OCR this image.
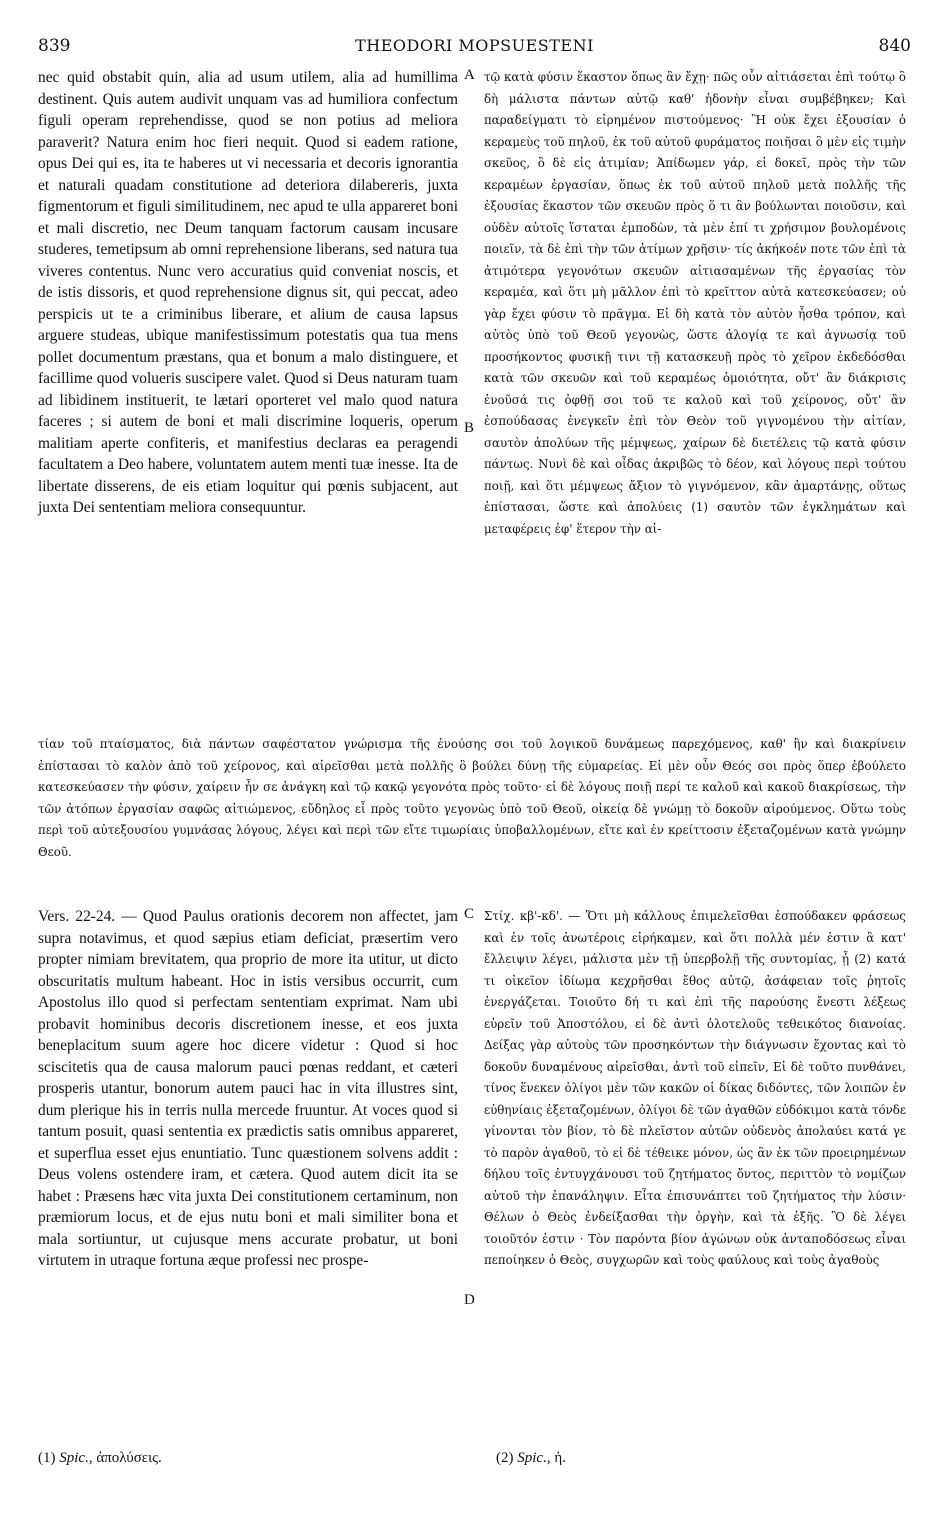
839	THEODORI MOPSUESTENI	840

nec quid obstabit quin, alia ad usum utilem, alia ad humillima destinent. Quis autem audivit unquam vas ad humiliora confectum figuli operam reprehendisse, quod se non potius ad meliora paraverit? Natura enim hoc fieri nequit. Quod si eadem ratione, opus Dei qui es, ita te haberes ut vi necessaria et decoris ignorantia et naturali quadam constitutione ad deteriora dilabereris, juxta figmentorum et figuli similitudinem, nec apud te ulla appareret boni et mali discretio, nec Deum tanquam factorum causam incusare studeres, temetipsum ab omni reprehensione liberans, sed natura tua viveres contentus. Nunc vero accuratius quid conveniat noscis, et de istis dissoris, et quod reprehensione dignus sit, qui peccat, adeo perspicis ut te a criminibus liberare, et alium de causa lapsus arguere studeas, ubique manifestissimum potestatis qua tua mens pollet documentum præstans, qua et bonum a malo distinguere, et facillime quod volueris suscipere valet. Quod si Deus naturam tuam ad libidinem instituerit, te lætari oporteret vel malo quod natura faceres ; si autem de boni et mali discrimine loqueris, operum malitiam aperte confiteris, et manifestius declaras ea peragendi facultatem a Deo habere, voluntatem autem menti tuæ inesse. Ita de libertate disserens, de eis etiam loquitur qui pœnis subjacent, aut juxta Dei sententiam meliora consequuntur.

τῷ κατὰ φύσιν ἕκαστον ὅπως ἂν ἔχῃ· πῶς οὖν αἰτιάσεται ἐπὶ τούτῳ ὃ δὴ μάλιστα πάντων αὐτῷ καθ' ἡδονὴν εἶναι συμβέβηκεν; Καὶ παραδείγματι τὸ εἰρημένον πιστούμενος· Ἢ οὐκ ἔχει ἐξουσίαν ὁ κεραμεὺς τοῦ πηλοῦ, ἐκ τοῦ αὐτοῦ φυράματος ποιῆσαι ὃ μὲν εἰς τιμὴν σκεῦος, ὃ δὲ εἰς ἀτιμίαν; Ἀπίδωμεν γάρ, εἰ δοκεῖ, πρὸς τὴν τῶν κεραμέων ἐργασίαν, ὅπως ἐκ τοῦ αὐτοῦ πηλοῦ μετὰ πολλῆς τῆς ἐξουσίας ἕκαστον τῶν σκευῶν πρὸς ὅ τι ἂν βούλωνται ποιοῦσιν, καὶ οὐδὲν αὐτοῖς ἵσταται ἐμποδὼν, τὰ μὲν ἐπί τι χρήσιμον βουλομένοις ποιεῖν, τὰ δὲ ἐπὶ τὴν τῶν ἀτίμων χρῆσιν· τίς ἀκήκοέν ποτε τῶν ἐπὶ τὰ ἀτιμότερα γεγονότων σκευῶν αἰτιασαμένων τῆς ἐργασίας τὸν κεραμέα, καὶ ὅτι μὴ μᾶλλον ἐπὶ τὸ κρεῖττον αὐτὰ κατεσκεύασεν; οὐ γὰρ ἔχει φύσιν τὸ πρᾶγμα. Εἰ δὴ κατὰ τὸν αὐτὸν ἦσθα τρόπον, καὶ αὐτὸς ὑπὸ τοῦ Θεοῦ γεγονὼς, ὥστε ἀλογίᾳ τε καὶ ἀγνωσίᾳ τοῦ προσήκοντος φυσικῇ τινι τῇ κατασκευῇ πρὸς τὸ χεῖρον ἐκδεδόσθαι κατὰ τῶν σκευῶν καὶ τοῦ κεραμέως ὁμοιότητα, οὔτ' ἂν διάκρισις ἐνοῦσά τις ὀφθῇ σοι τοῦ τε καλοῦ καὶ τοῦ χείρονος, οὔτ' ἂν ἐσπούδασας ἐνεγκεῖν ἐπὶ τὸν Θεὸν τοῦ γιγνομένου τὴν αἰτίαν, σαυτὸν ἀπολύων τῆς μέμψεως, χαίρων δὲ διετέλεις τῷ κατὰ φύσιν πάντως. Νυνὶ δὲ καὶ οἶδας ἀκριβῶς τὸ δέον, καὶ λόγους περὶ τούτου ποιῇ, καὶ ὅτι μέμψεως ἄξιον τὸ γιγνόμενον, κἂν ἁμαρτάνῃς, οὕτως ἐπίστασαι, ὥστε καὶ ἀπολύεις (1) σαυτὸν τῶν ἐγκλημάτων καὶ μεταφέρεις ἐφ' ἕτερον τὴν αἰ-

A
B

τίαν τοῦ πταίσματος, διὰ πάντων σαφέστατον γνώρισμα τῆς ἐνούσης σοι τοῦ λογικοῦ δυνάμεως παρεχόμενος, καθ' ἣν καὶ διακρίνειν ἐπίστασαι τὸ καλὸν ἀπὸ τοῦ χείρονος, καὶ αἱρεῖσθαι μετὰ πολλῆς ὃ βούλει δύνῃ τῆς εὐμαρείας. Εἰ μὲν οὖν Θεός σοι πρὸς ὅπερ ἐβούλετο κατεσκεύασεν τὴν φύσιν, χαίρειν ἦν σε ἀνάγκη καὶ τῷ κακῷ γεγονότα πρὸς τοῦτο· εἰ δὲ λόγους ποιῇ περί τε καλοῦ καὶ κακοῦ διακρίσεως, τὴν τῶν ἀτόπων ἐργασίαν σαφῶς αἰτιώμενος, εὔδηλος εἶ πρὸς τοῦτο γεγονὼς ὑπὸ τοῦ Θεοῦ, οἰκείᾳ δὲ γνώμῃ τὸ δοκοῦν αἱρούμενος. Οὕτω τοὺς περὶ τοῦ αὐτεξουσίου γυμνάσας λόγους, λέγει καὶ περὶ τῶν εἴτε τιμωρίαις ὑποβαλλομένων, εἴτε καὶ ἐν κρείττοσιν ἐξεταζομένων κατὰ γνώμην Θεοῦ.

C

Vers. 22-24. — Quod Paulus orationis decorem non affectet, jam supra notavimus, et quod sæpius etiam deficiat, præsertim vero propter nimiam brevitatem, qua proprio de more ita utitur, ut dicto obscuritatis multum habeant. Hoc in istis versibus occurrit, cum Apostolus illo quod si perfectam sententiam exprimat. Nam ubi probavit hominibus decoris discretionem inesse, et eos juxta beneplacitum suum agere hoc dicere videtur : Quod si hoc sciscitetis qua de causa malorum pauci pœnas reddant, et cæteri prosperis utantur, bonorum autem pauci hac in vita illustres sint, dum plerique his in terris nulla mercede fruuntur. At voces quod si tantum posuit, quasi sententia ex prædictis satis omnibus appareret, et superflua esset ejus enuntiatio. Tunc quæstionem solvens addit : Deus volens ostendere iram, et cætera. Quod autem dicit ita se habet : Præsens hæc vita juxta Dei constitutionem certaminum, non præmiorum locus, et de ejus nutu boni et mali similiter bona et mala sortiuntur, ut cujusque mens accurate probatur, ut boni virtutem in utraque fortuna æque professi nec prospe-

Στίχ. κβ'-κδ'. — Ὅτι μὴ κάλλους ἐπιμελεῖσθαι ἐσπούδακεν φράσεως καὶ ἐν τοῖς ἀνωτέροις εἰρήκαμεν, καὶ ὅτι πολλὰ μέν ἐστιν ἃ κατ' ἔλλειψιν λέγει, μάλιστα μὲν τῇ ὑπερβολῇ τῆς συντομίας, ᾗ (2) κατά τι οἰκεῖον ἰδίωμα κεχρῆσθαι ἔθος αὐτῷ, ἀσάφειαν τοῖς ῥητοῖς ἐνεργάζεται. Τοιοῦτο δή τι καὶ ἐπὶ τῆς παρούσης ἔνεστι λέξεως εὑρεῖν τοῦ Ἀποστόλου, εἰ δὲ ἀντὶ ὁλοτελοῦς τεθεικότος διανοίας. Δείξας γὰρ αὐτοὺς τῶν προσηκόντων τὴν διάγνωσιν ἔχοντας καὶ τὸ δοκοῦν δυναμένους αἱρεῖσθαι, ἀντὶ τοῦ εἰπεῖν, Εἰ δὲ τοῦτο πυνθάνει, τίνος ἕνεκεν ὀλίγοι μὲν τῶν κακῶν οἱ δίκας διδόντες, τῶν λοιπῶν ἐν εὐθηνίαις ἐξεταζομένων, ὀλίγοι δὲ τῶν ἀγαθῶν εὐδόκιμοι κατὰ τόνδε γίνονται τὸν βίον, τὸ δὲ πλεῖστον αὐτῶν οὐδενὸς ἀπολαύει κατά γε τὸ παρὸν ἀγαθοῦ, τὸ εἰ δὲ τέθεικε μόνον, ὡς ἂν ἐκ τῶν προειρημένων δήλου τοῖς ἐντυγχάνουσι τοῦ ζητήματος ὄντος, περιττὸν τὸ νομίζων αὐτοῦ τὴν ἐπανάληψιν. Εἶτα ἐπισυνάπτει τοῦ ζητήματος τὴν λύσιν· Θέλων ὁ Θεὸς ἐνδείξασθαι τὴν ὀργὴν, καὶ τὰ ἑξῆς. Ὃ δὲ λέγει τοιοῦτόν ἐστιν · Τὸν παρόντα βίον ἀγώνων οὐκ ἀνταποδόσεως εἶναι πεποίηκεν ὁ Θεὸς, συγχωρῶν καὶ τοὺς φαύλους καὶ τοὺς ἀγαθοὺς

D
(1) Spic., ἀπολύσεις.	(2) Spic., ἡ.
